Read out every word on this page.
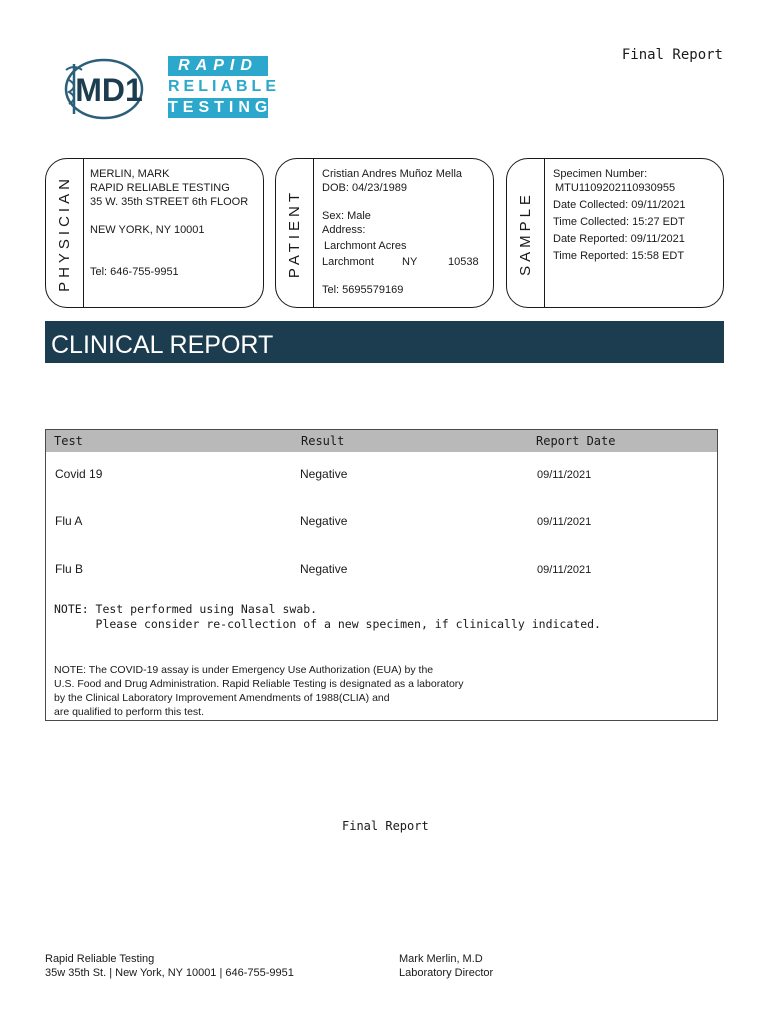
Final Report
MD1
RAPID
RELIABLE
TESTING
PHYSICIAN
MERLIN, MARK
RAPID RELIABLE TESTING
35 W. 35th STREET 6th FLOOR
NEW YORK, NY 10001
Tel: 646-755-9951	PATIENT
Cristian Andres Muñoz Mella
DOB: 04/23/1989
Sex: Male
Address:
Larchmont Acres
Larchmont	NY	10538
Tel: 5695579169
SAMPLE
Specimen Number:
MTU1109202110930955
Date Collected: 09/11/2021
Time Collected: 15:27 EDT
Date Reported: 09/11/2021
Time Reported: 15:58 EDT
CLINICAL REPORT
Test	Result	Report Date
Covid 19	Negative	09/11/2021
Flu A	Negative	09/11/2021
Flu B	Negative	09/11/2021
NOTE: Test performed using Nasal swab.
Please consider re-collection of a new specimen, if clinically indicated.
NOTE: The COVID-19 assay is under Emergency Use Authorization (EUA) by the
U.S. Food and Drug Administration. Rapid Reliable Testing is designated as a laboratory
by the Clinical Laboratory Improvement Amendments of 1988(CLIA) and
are qualified to perform this test.
Final Report
Rapid Reliable Testing
35w 35th St. | New York, NY 10001 | 646-755-9951
Mark Merlin, M.D
Laboratory Director
